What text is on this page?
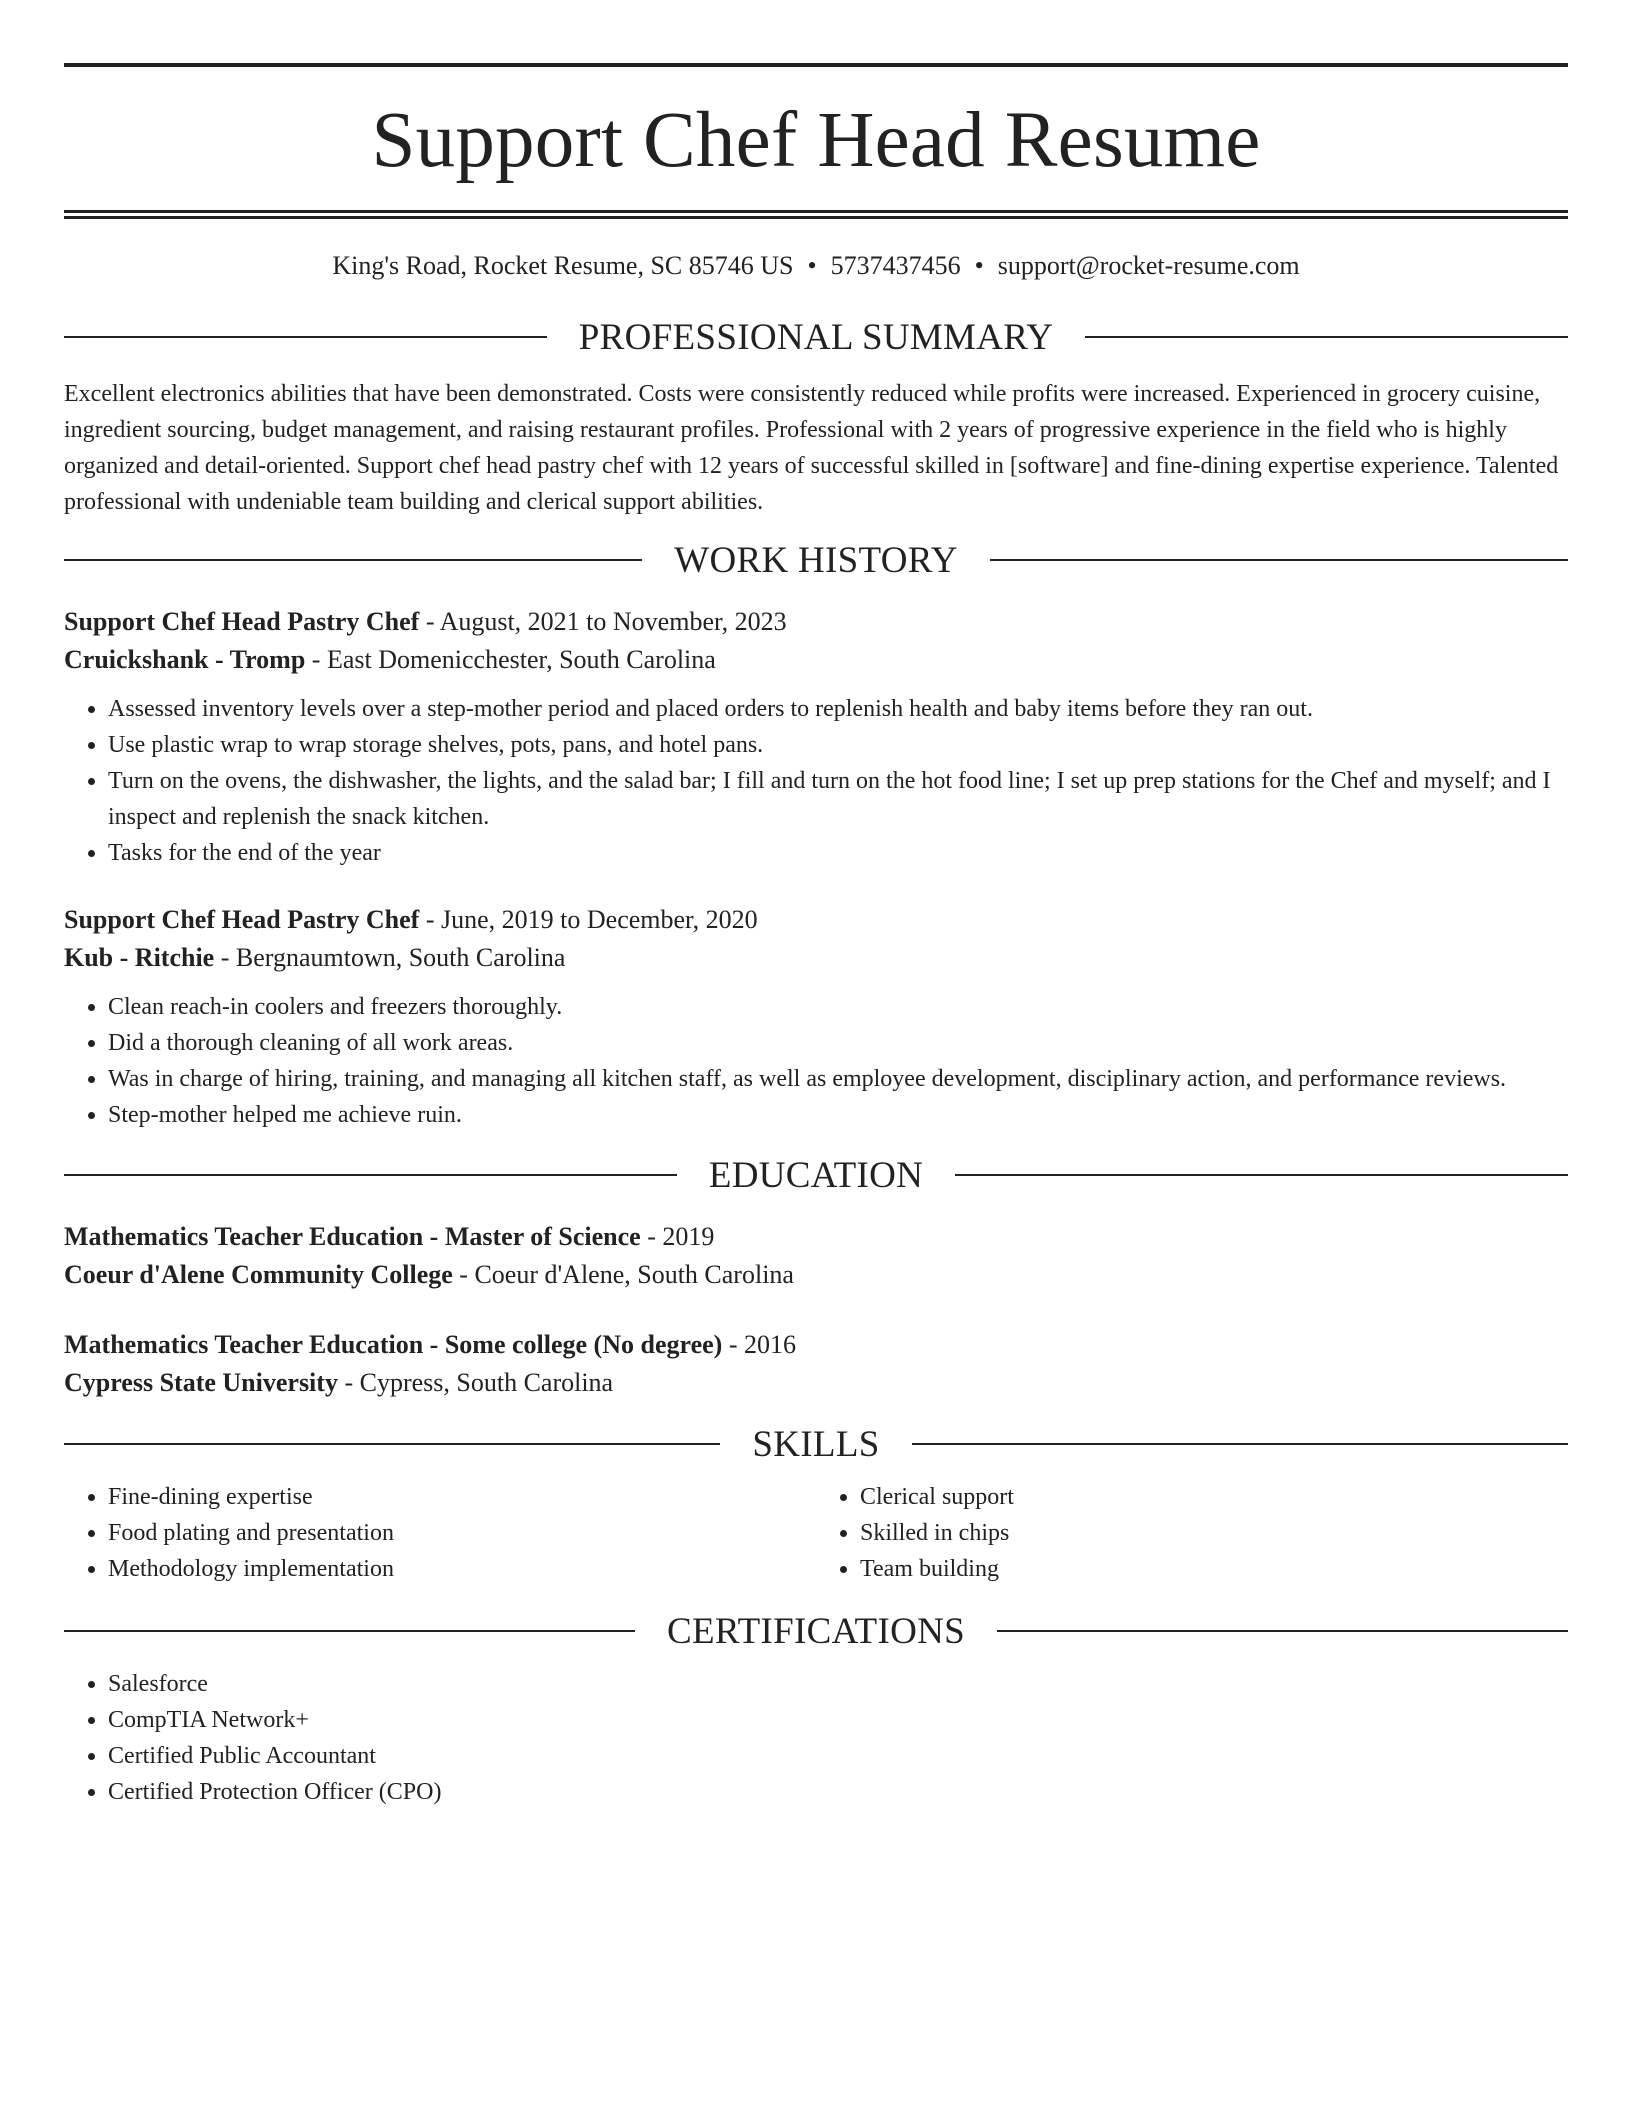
Support Chef Head Resume
King's Road, Rocket Resume, SC 85746 US • 5737437456 • support@rocket-resume.com
PROFESSIONAL SUMMARY

Excellent electronics abilities that have been demonstrated. Costs were consistently reduced while profits were increased. Experienced in grocery cuisine, ingredient sourcing, budget management, and raising restaurant profiles. Professional with 2 years of progressive experience in the field who is highly organized and detail-oriented. Support chef head pastry chef with 12 years of successful skilled in [software] and fine-dining expertise experience. Talented professional with undeniable team building and clerical support abilities.

WORK HISTORY
Support Chef Head Pastry Chef - August, 2021 to November, 2023
Cruickshank - Tromp - East Domenicchester, South Carolina
• Assessed inventory levels over a step-mother period and placed orders to replenish health and baby items before they ran out.
• Use plastic wrap to wrap storage shelves, pots, pans, and hotel pans.
• Turn on the ovens, the dishwasher, the lights, and the salad bar; I fill and turn on the hot food line; I set up prep stations for the Chef and myself; and I inspect and replenish the snack kitchen.
• Tasks for the end of the year
Support Chef Head Pastry Chef - June, 2019 to December, 2020
Kub - Ritchie - Bergnaumtown, South Carolina
• Clean reach-in coolers and freezers thoroughly.
• Did a thorough cleaning of all work areas.
• Was in charge of hiring, training, and managing all kitchen staff, as well as employee development, disciplinary action, and performance reviews.
• Step-mother helped me achieve ruin.
EDUCATION
Mathematics Teacher Education - Master of Science - 2019
Coeur d'Alene Community College - Coeur d'Alene, South Carolina
Mathematics Teacher Education - Some college (No degree) - 2016
Cypress State University - Cypress, South Carolina
SKILLS
• Fine-dining expertise
• Food plating and presentation
• Methodology implementation
• Clerical support
• Skilled in chips
• Team building
CERTIFICATIONS
• Salesforce
• CompTIA Network+
• Certified Public Accountant
• Certified Protection Officer (CPO)
